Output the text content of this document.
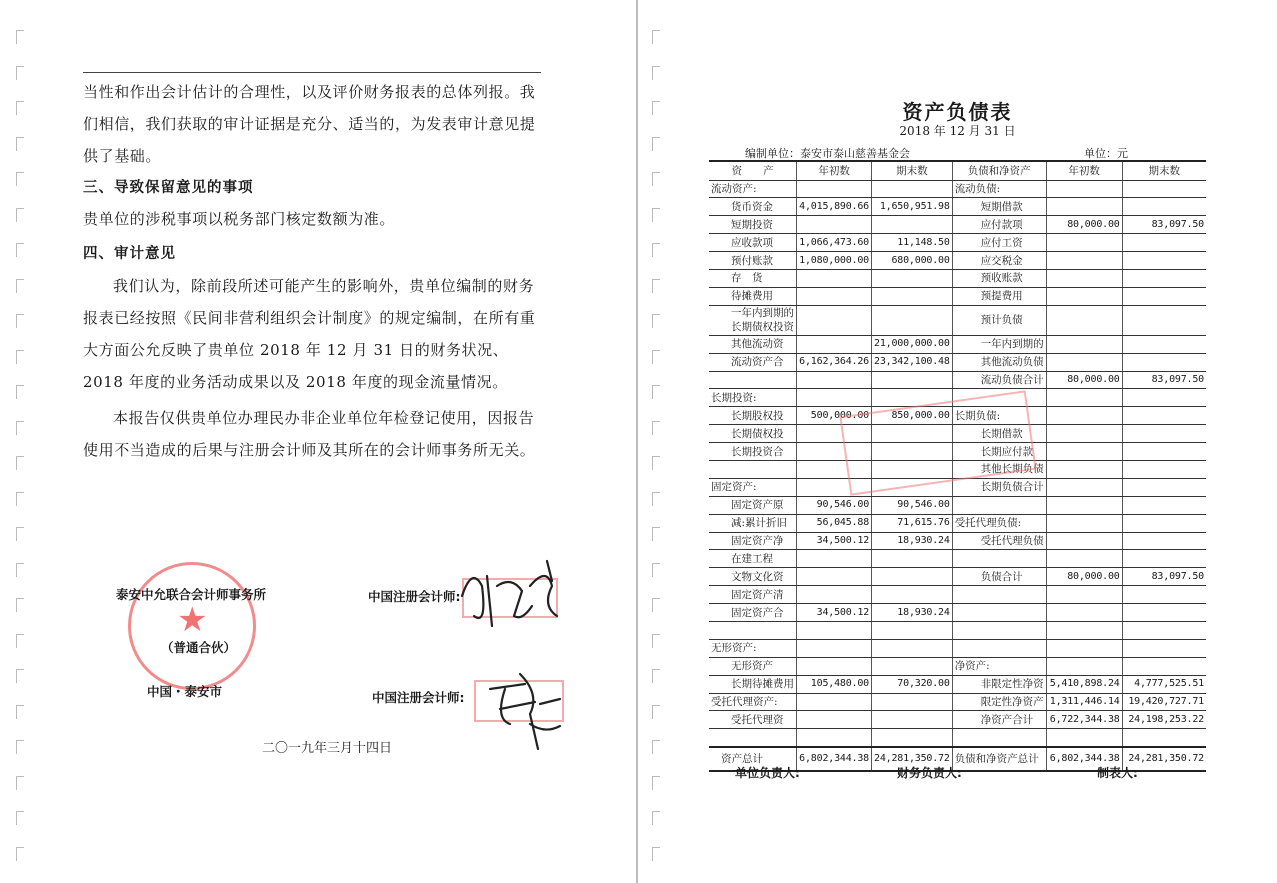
当性和作出会计估计的合理性，以及评价财务报表的总体列报。我们相信，我们获取的审计证据是充分、适当的，为发表审计意见提供了基础。
三、导致保留意见的事项
贵单位的涉税事项以税务部门核定数额为准。
四、审计意见
我们认为，除前段所述可能产生的影响外，贵单位编制的财务报表已经按照《民间非营利组织会计制度》的规定编制，在所有重大方面公允反映了贵单位 2018 年 12 月 31 日的财务状况、2018 年度的业务活动成果以及 2018 年度的现金流量情况。
本报告仅供贵单位办理民办非企业单位年检登记使用，因报告使用不当造成的后果与注册会计师及其所在的会计师事务所无关。
★
泰安中允联合会计师事务所
（普通合伙）
中国・泰安市
中国注册会计师:
中国注册会计师:
二〇一九年三月十四日
资产负债表
2018 年 12 月 31 日
编制单位：泰安市泰山慈善基金会	单位：元
资　　产	年初数	期末数	负债和净资产	年初数	期末数
流动资产:			流动负债:		
货币资金	4,015,890.66	1,650,951.98	短期借款		
短期投资			应付款项	80,000.00	83,097.50
应收款项	1,066,473.60	11,148.50	应付工资		
预付账款	1,080,000.00	680,000.00	应交税金		
存　货			预收账款		
待摊费用			预提费用		
一年内到期的长期债权投资			预计负债		
其他流动资		21,000,000.00	一年内到期的		
流动资产合	6,162,364.26	23,342,100.48	其他流动负债		
			流动负债合计	80,000.00	83,097.50
长期投资:					
长期股权投	500,000.00	850,000.00	长期负债:		
长期债权投			长期借款		
长期投资合			长期应付款		
			其他长期负债		
固定资产:			长期负债合计		
固定资产原	90,546.00	90,546.00			
减:累计折旧	56,045.88	71,615.76	受托代理负债:		
固定资产净	34,500.12	18,930.24	受托代理负债		
在建工程					
文物文化资			负债合计	80,000.00	83,097.50
固定资产清					
固定资产合	34,500.12	18,930.24			

无形资产:					
无形资产			净资产:		
长期待摊费用	105,480.00	70,320.00	非限定性净资	5,410,898.24	4,777,525.51
受托代理资产:			限定性净资产	1,311,446.14	19,420,727.71
受托代理资			净资产合计	6,722,344.38	24,198,253.22

资产总计	6,802,344.38	24,281,350.72	负债和净资产总计	6,802,344.38	24,281,350.72
单位负责人:	财务负责人:	制表人:
